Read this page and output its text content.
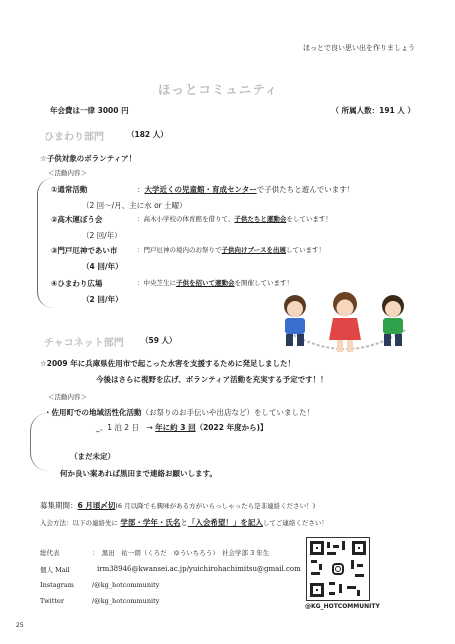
ほっとで良い思い出を作りましょう
ほっとコミュニティ
年会費は一律 3000 円	（ 所属人数：191 人 ）
ひまわり部門	（182 人）
☆子供対象のボランティア！
＜活動内容＞
①通常活動	：大学近くの児童館・育成センターで子供たちと遊んでいます！
（2 回～/月、主に水 or 土曜）
②高木運ぼう会	：高木小学校の体育館を借りて、子供たちと運動会をしています！
（2 回/年）
③門戸厄神であい市	：門戸厄神の境内のお祭りで子供向けブースを出展しています！
（4 回/年）
④ひまわり広場	：中央芝生に子供を招いて運動会を開催しています！
（2 回/年）
チャコネット部門 （59 人）
☆2009 年に兵庫県佐用市で起こった水害を支援するために発足しました！
今後はさらに視野を広げ、ボランティア活動を充実する予定です！！
＜活動内容＞
・佐用町での地域活性化活動（お祭りのお手伝いや出店など）をしていました！
_、1 泊 2 日　→ 年に約 3 回（2022 年度から)】
（まだ未定）
何か良い案あれば黒田まで連絡お願いします。
募集期間：6 月頃〆切(6 月以降でも興味がある方がいらっしゃったら是非連絡ください！)
入会方法：以下の連絡先に 学部・学年・氏名と「入会希望！」を記入してご連絡ください！
総代表	：　黒田　祐一朗（くろだ　ゆういちろう）　社会学部 3 年生
個人 Mail	irm38946@kwansei.ac.jp/yuichirohachimitsu@gmail.com
Instagram	/@kg_hotcommunity
Twitter	/@kg_hotcommunity
@KG_HOTCOMMUNITY
25
